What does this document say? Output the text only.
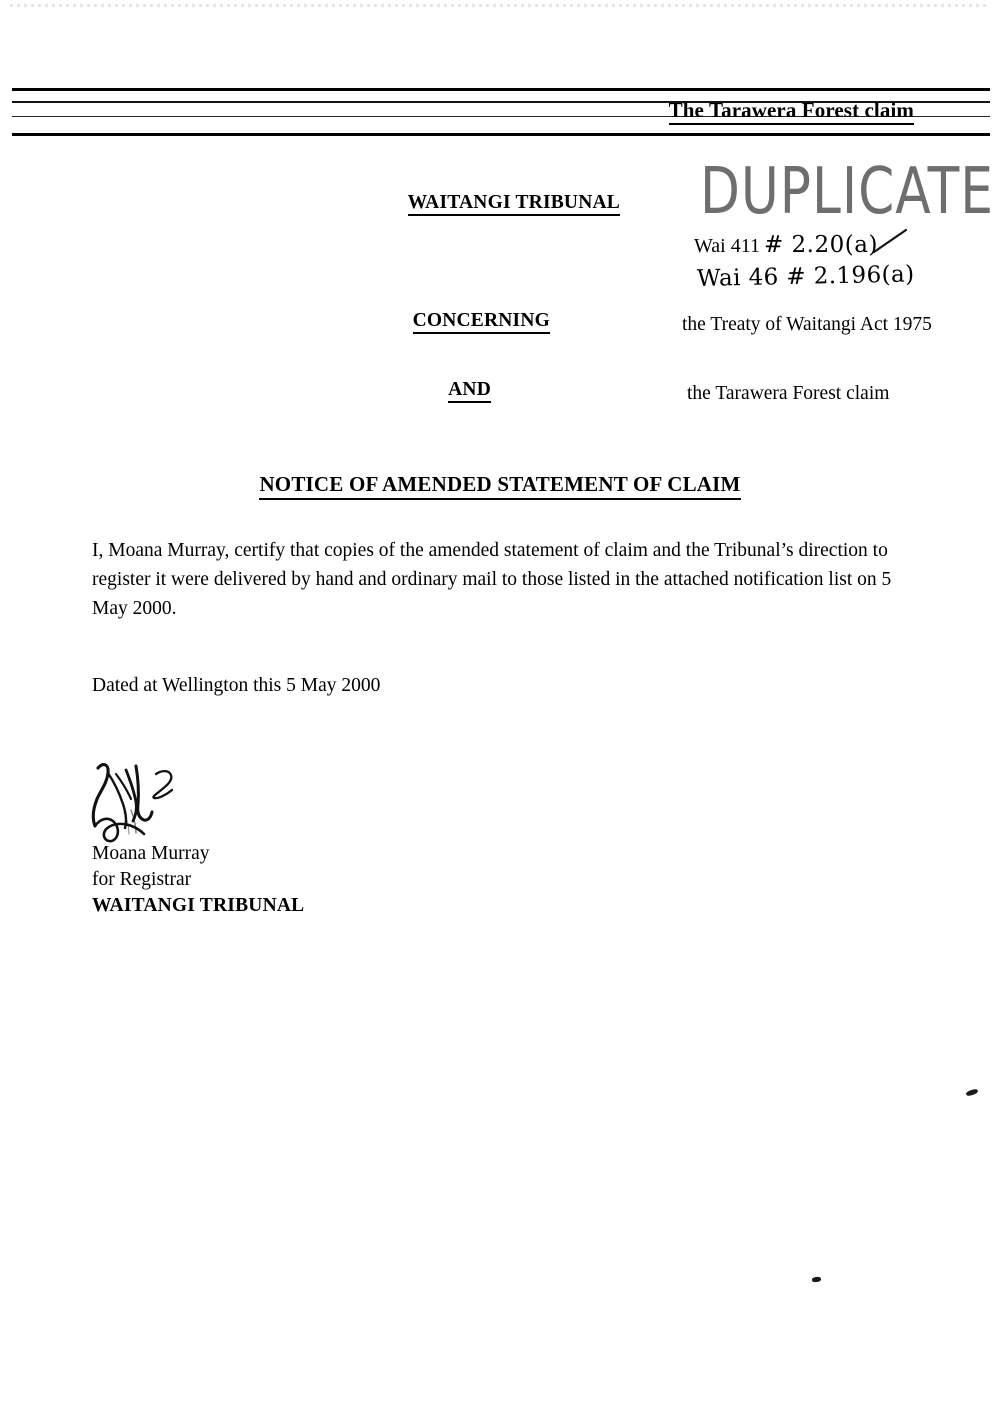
The Tarawera Forest claim
WAITANGI TRIBUNAL DUPLICATE
Wai 411 # 2.20(a)
Wai 46 # 2.196(a)
CONCERNING	the Treaty of Waitangi Act 1975
AND	the Tarawera Forest claim
NOTICE OF AMENDED STATEMENT OF CLAIM
I, Moana Murray, certify that copies of the amended statement of claim and the Tribunal’s direction to register it were delivered by hand and ordinary mail to those listed in the attached notification list on 5 May 2000.
Dated at Wellington this 5 May 2000
Moana Murray
for Registrar
WAITANGI TRIBUNAL
